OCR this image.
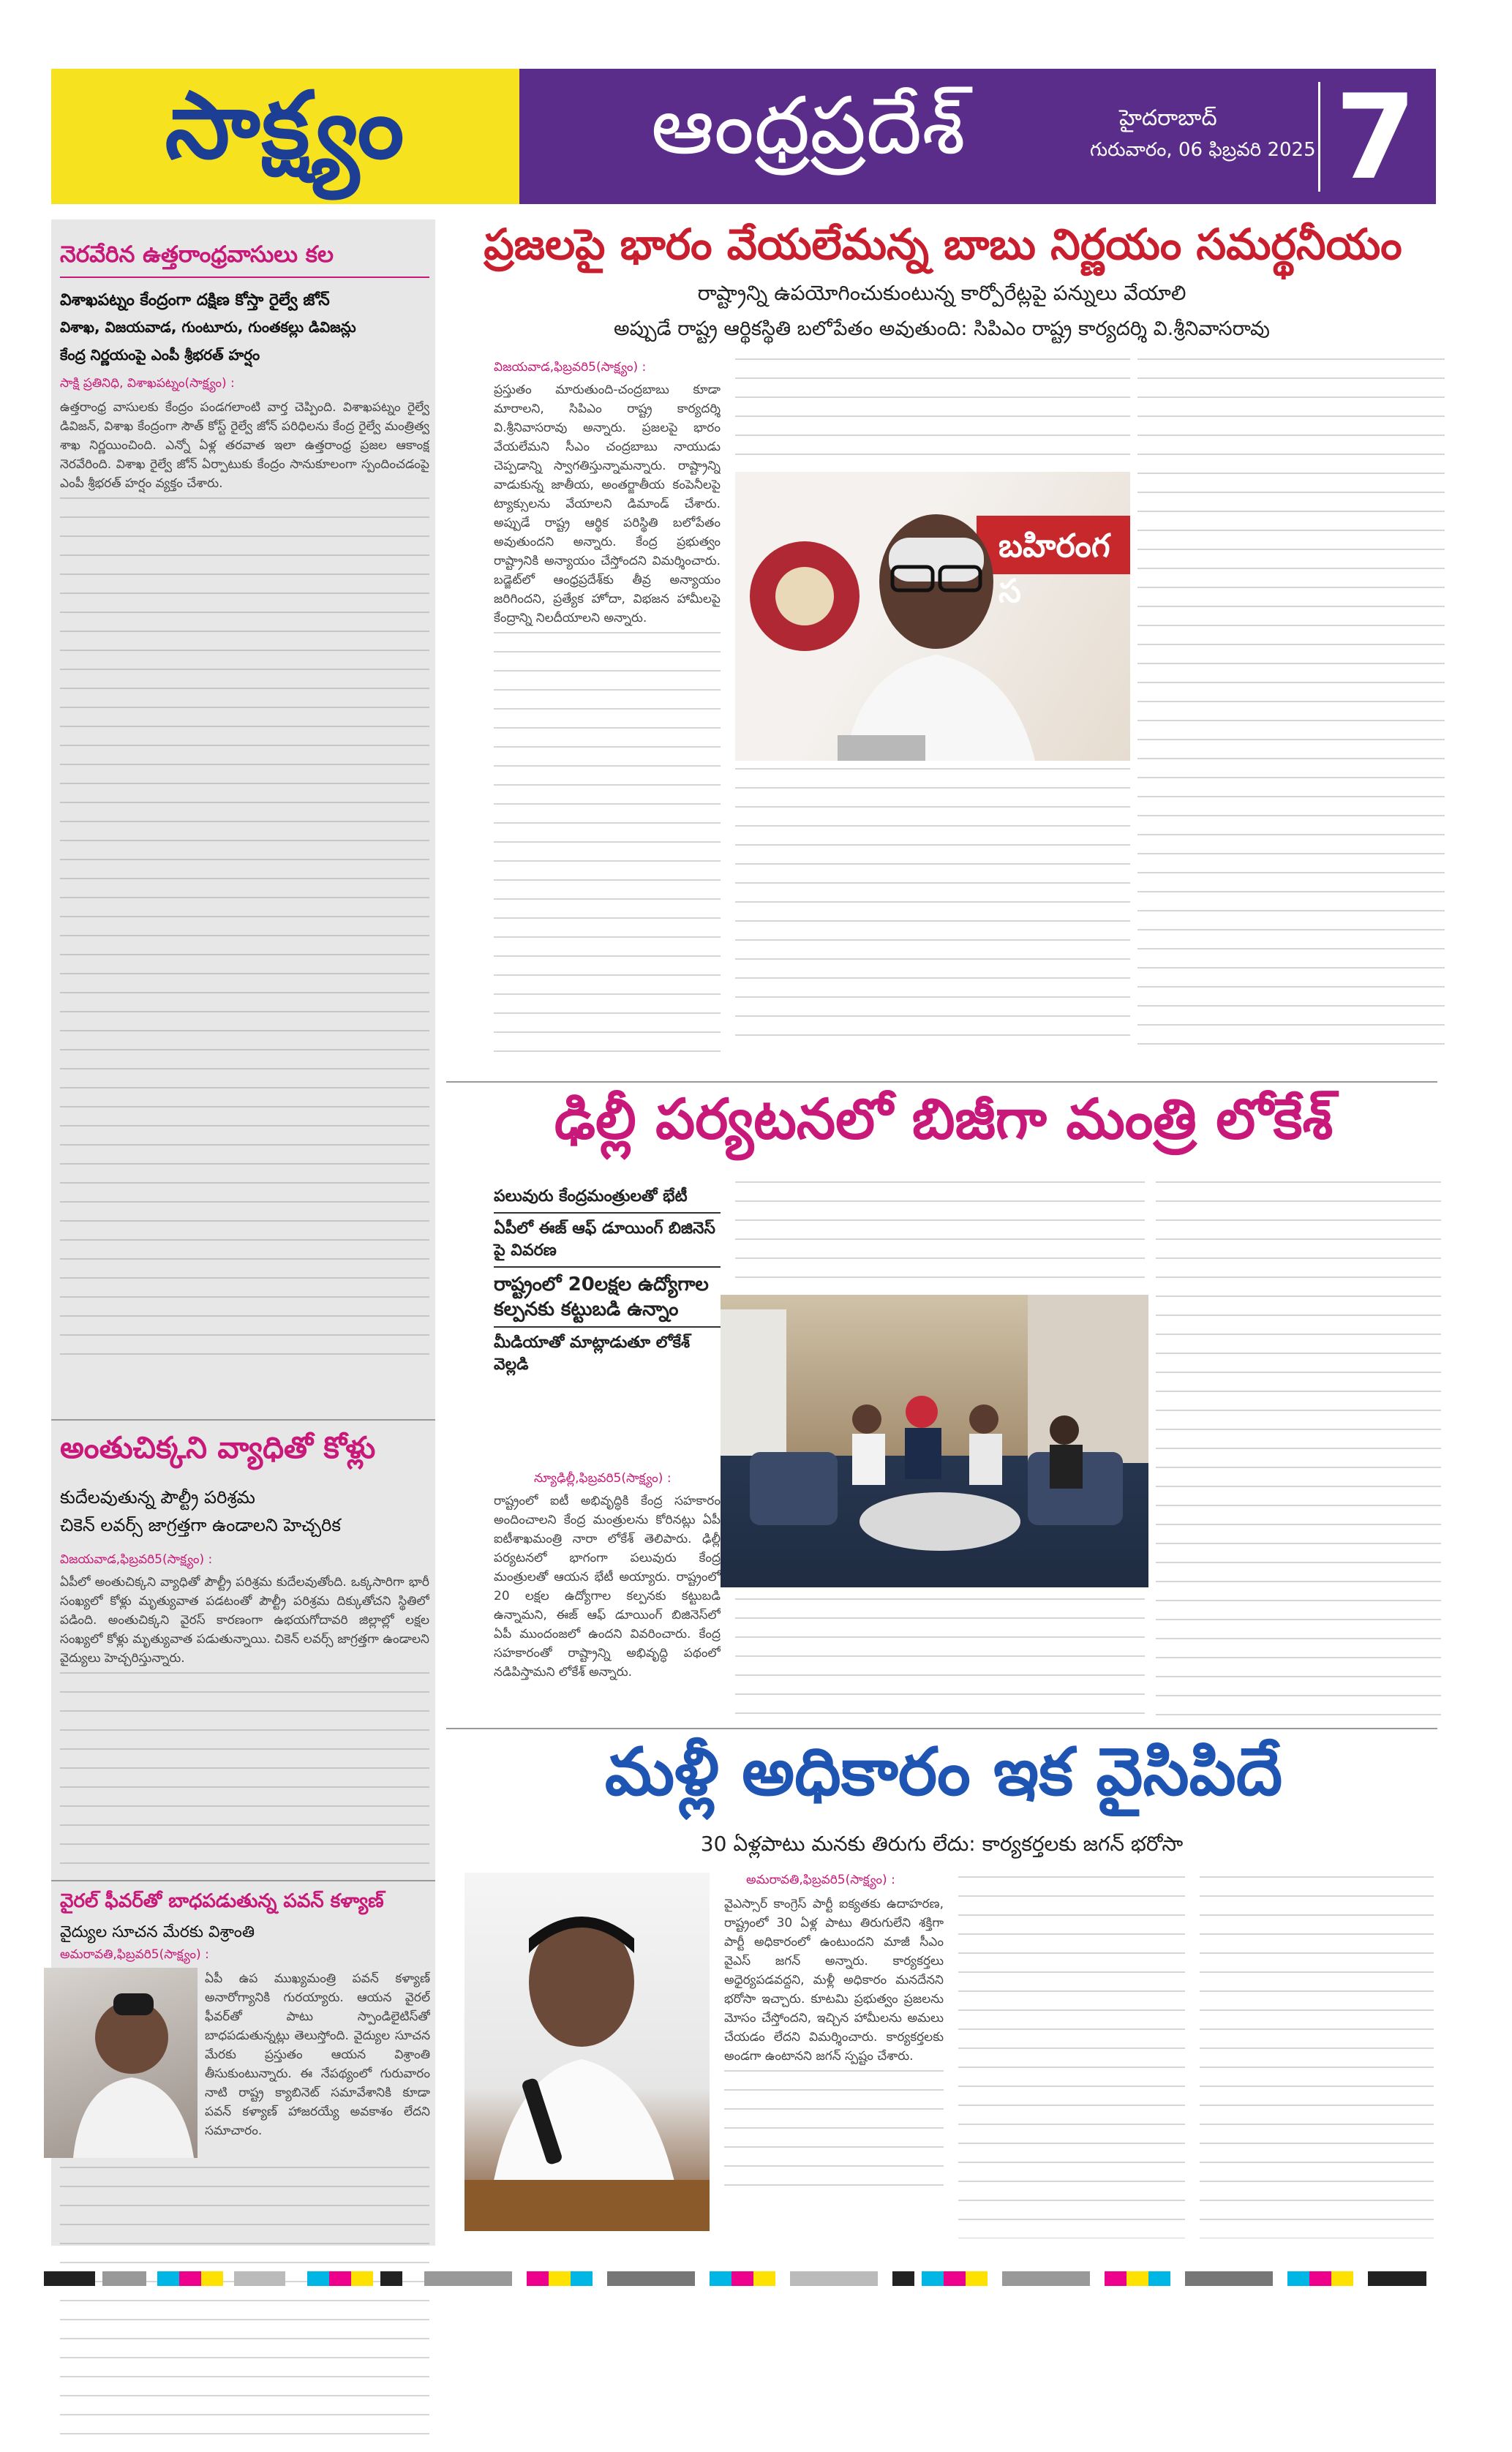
సాక్ష్యం	ఆంధ్రప్రదేశ్	హైదరాబాద్
గురువారం, 06 ఫిబ్రవరి 2025 7
నెరవేరిన ఉత్తరాంధ్రవాసులు కల
విశాఖపట్నం కేంద్రంగా దక్షిణ కోస్తా రైల్వే జోన్
విశాఖ, విజయవాడ, గుంటూరు, గుంతకల్లు డివిజన్లు
కేంద్ర నిర్ణయంపై ఎంపీ శ్రీభరత్ హర్షం
సాక్షి ప్రతినిధి, విశాఖపట్నం(సాక్ష్యం) :
ఉత్తరాంధ్ర వాసులకు కేంద్రం పండగలాంటి వార్త చెప్పింది. విశాఖపట్నం రైల్వే డివిజన్, విశాఖ కేంద్రంగా సౌత్ కోస్ట్ రైల్వే జోన్ పరిధిలను కేంద్ర రైల్వే మంత్రిత్వ శాఖ నిర్ణయించింది. ఎన్నో ఏళ్ల తరవాత ఇలా ఉత్తరాంధ్ర ప్రజల ఆకాంక్ష నెరవేరింది. విశాఖ రైల్వే జోన్ ఏర్పాటుకు కేంద్రం సానుకూలంగా స్పందించడంపై ఎంపీ శ్రీభరత్ హర్షం వ్యక్తం చేశారు.
అంతుచిక్కని వ్యాధితో కోళ్లు
కుదేలవుతున్న పౌల్ట్రీ పరిశ్రమ
చికెన్ లవర్స్ జాగ్రత్తగా ఉండాలని హెచ్చరిక
విజయవాడ,ఫిబ్రవరి5(సాక్ష్యం) :
ఏపీలో అంతుచిక్కని వ్యాధితో పౌల్ట్రీ పరిశ్రమ కుదేలవుతోంది. ఒక్కసారిగా భారీ సంఖ్యలో కోళ్లు మృత్యువాత పడటంతో పౌల్ట్రీ పరిశ్రమ దిక్కుతోచని స్థితిలో పడింది. అంతుచిక్కని వైరస్ కారణంగా ఉభయగోదావరి జిల్లాల్లో లక్షల సంఖ్యలో కోళ్లు మృత్యువాత పడుతున్నాయి. చికెన్ లవర్స్ జాగ్రత్తగా ఉండాలని వైద్యులు హెచ్చరిస్తున్నారు.
వైరల్ ఫీవర్‌తో బాధపడుతున్న పవన్ కళ్యాణ్
వైద్యుల సూచన మేరకు విశ్రాంతి
అమరావతి,ఫిబ్రవరి5(సాక్ష్యం) :
ఏపీ ఉప ముఖ్యమంత్రి పవన్ కళ్యాణ్ అనారోగ్యానికి గురయ్యారు. ఆయన వైరల్ ఫీవర్‌తో పాటు స్పాండిలైటిస్‌తో బాధపడుతున్నట్లు తెలుస్తోంది. వైద్యుల సూచన మేరకు ప్రస్తుతం ఆయన విశ్రాంతి తీసుకుంటున్నారు. ఈ నేపథ్యంలో గురువారం నాటి రాష్ట్ర క్యాబినెట్ సమావేశానికి కూడా పవన్ కళ్యాణ్ హాజరయ్యే అవకాశం లేదని సమాచారం.
ప్రజలపై భారం వేయలేమన్న బాబు నిర్ణయం సమర్థనీయం
రాష్ట్రాన్ని ఉపయోగించుకుంటున్న కార్పోరేట్లపై పన్నులు వేయాలి
అప్పుడే రాష్ట్ర ఆర్థికస్థితి బలోపేతం అవుతుంది: సిపిఎం రాష్ట్ర కార్యదర్శి వి.శ్రీనివాసరావు
విజయవాడ,ఫిబ్రవరి5(సాక్ష్యం) :
ప్రస్తుతం మారుతుంది-చంద్రబాబు కూడా మారాలని, సిపిఎం రాష్ట్ర కార్యదర్శి వి.శ్రీనివాసరావు అన్నారు. ప్రజలపై భారం వేయలేమని సీఎం చంద్రబాబు నాయుడు చెప్పడాన్ని స్వాగతిస్తున్నామన్నారు. రాష్ట్రాన్ని వాడుకున్న జాతీయ, అంతర్జాతీయ కంపెనీలపై ట్యాక్సులను వేయాలని డిమాండ్ చేశారు. అప్పుడే రాష్ట్ర ఆర్థిక పరిస్థితి బలోపేతం అవుతుందని అన్నారు. కేంద్ర ప్రభుత్వం రాష్ట్రానికి అన్యాయం చేస్తోందని విమర్శించారు. బడ్జెట్‌లో ఆంధ్రప్రదేశ్‌కు తీవ్ర అన్యాయం జరిగిందని, ప్రత్యేక హోదా, విభజన హామీలపై కేంద్రాన్ని నిలదీయాలని అన్నారు.
బహిరంగ స
ఢిల్లీ పర్యటనలో బిజీగా మంత్రి లోకేశ్
పలువురు కేంద్రమంత్రులతో భేటీ
ఏపీలో ఈజ్ ఆఫ్ డూయింగ్ బిజినెస్ పై వివరణ
రాష్ట్రంలో 20లక్షల ఉద్యోగాల కల్పనకు కట్టుబడి ఉన్నాం
మీడియాతో మాట్లాడుతూ లోకేశ్ వెల్లడి
న్యూఢిల్లీ,ఫిబ్రవరి5(సాక్ష్యం) :
రాష్ట్రంలో ఐటీ అభివృద్ధికి కేంద్ర సహకారం అందించాలని కేంద్ర మంత్రులను కోరినట్లు ఏపీ ఐటీశాఖమంత్రి నారా లోకేశ్ తెలిపారు. ఢిల్లీ పర్యటనలో భాగంగా పలువురు కేంద్ర మంత్రులతో ఆయన భేటీ అయ్యారు. రాష్ట్రంలో 20 లక్షల ఉద్యోగాల కల్పనకు కట్టుబడి ఉన్నామని, ఈజ్ ఆఫ్ డూయింగ్ బిజినెస్‌లో ఏపీ ముందంజలో ఉందని వివరించారు. కేంద్ర సహకారంతో రాష్ట్రాన్ని అభివృద్ధి పథంలో నడిపిస్తామని లోకేశ్ అన్నారు.
మళ్లీ అధికారం ఇక వైసిపిదే
30 ఏళ్లపాటు మనకు తిరుగు లేదు: కార్యకర్తలకు జగన్ భరోసా
అమరావతి,ఫిబ్రవరి5(సాక్ష్యం) :
వైఎస్సార్ కాంగ్రెస్ పార్టీ ఐక్యతకు ఉదాహరణ, రాష్ట్రంలో 30 ఏళ్ల పాటు తిరుగులేని శక్తిగా పార్టీ అధికారంలో ఉంటుందని మాజీ సీఎం వైఎస్ జగన్ అన్నారు. కార్యకర్తలు అధైర్యపడవద్దని, మళ్లీ అధికారం మనదేనని భరోసా ఇచ్చారు. కూటమి ప్రభుత్వం ప్రజలను మోసం చేస్తోందని, ఇచ్చిన హామీలను అమలు చేయడం లేదని విమర్శించారు. కార్యకర్తలకు అండగా ఉంటానని జగన్ స్పష్టం చేశారు.
